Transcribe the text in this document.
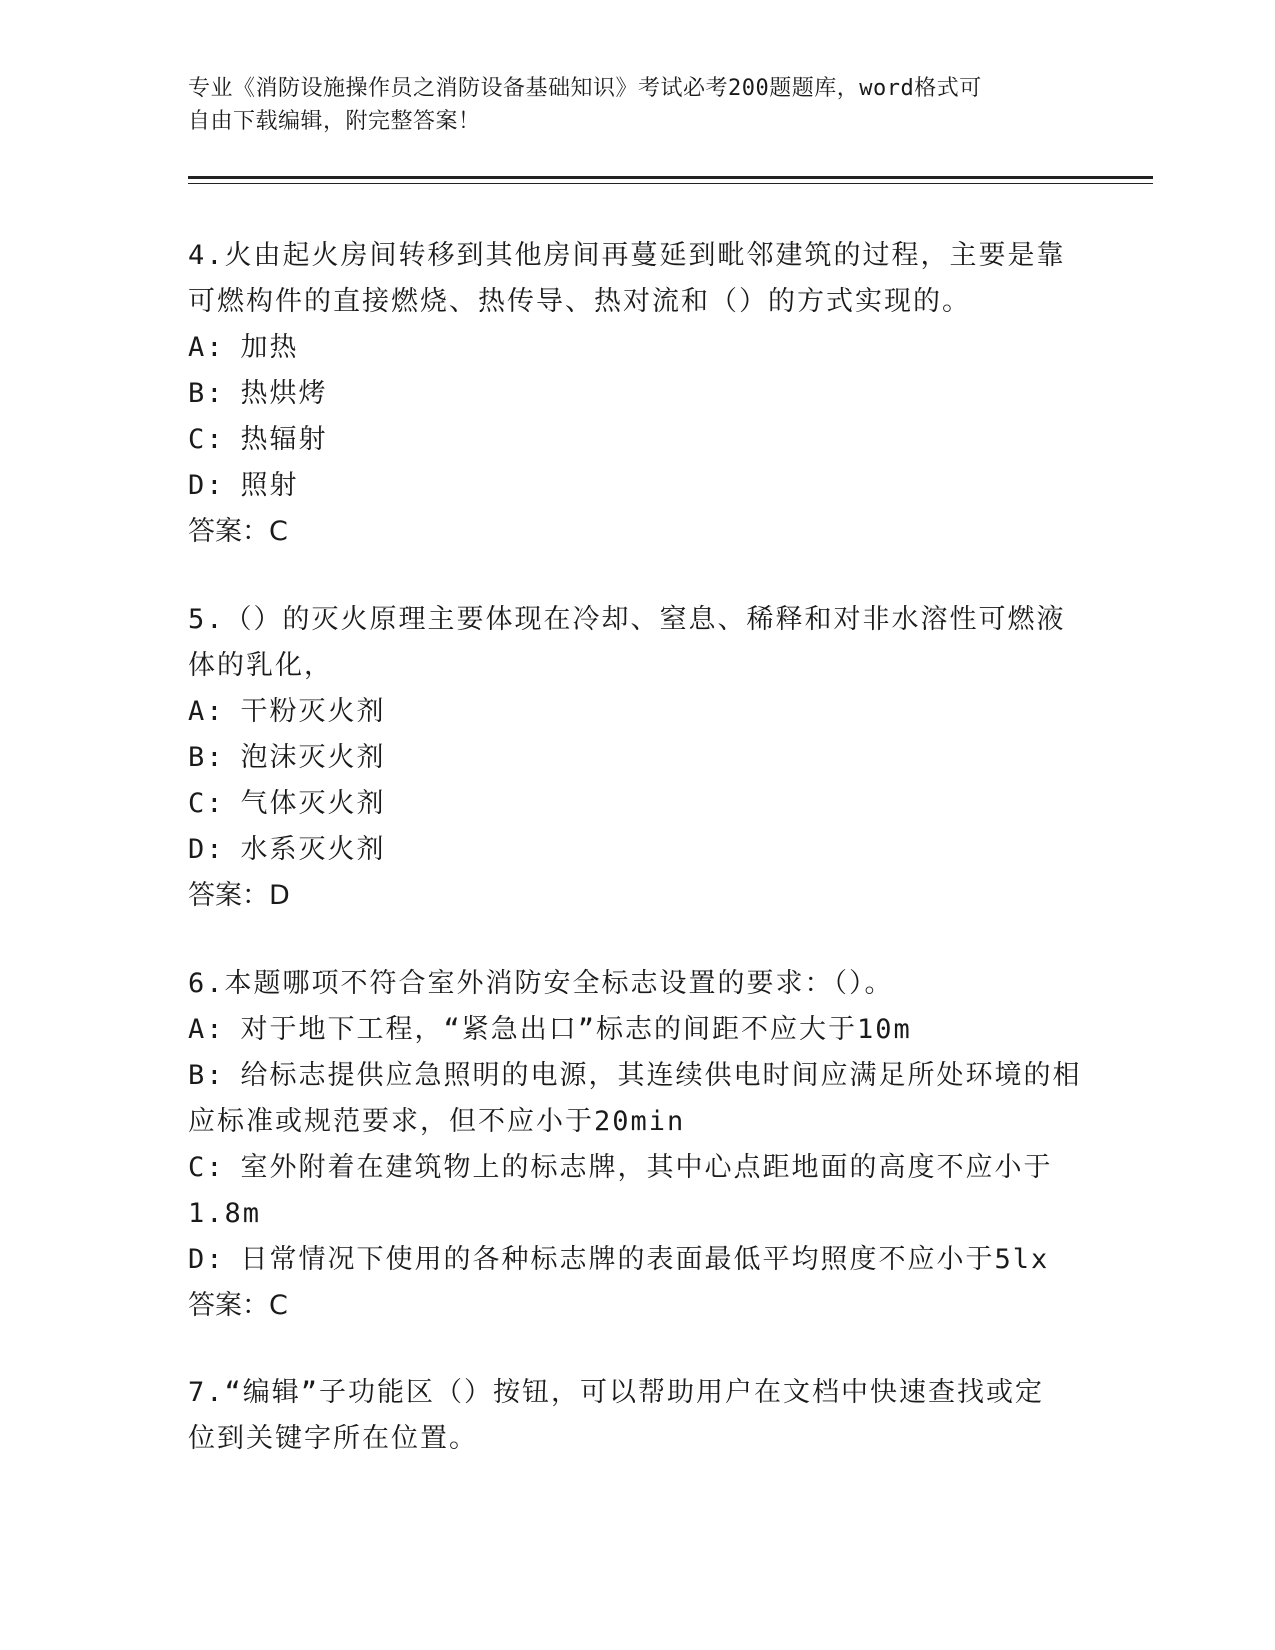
专业《消防设施操作员之消防设备基础知识》考试必考200题题库，word格式可

自由下载编辑，附完整答案！

4.火由起火房间转移到其他房间再蔓延到毗邻建筑的过程，主要是靠

可燃构件的直接燃烧、热传导、热对流和（）的方式实现的。

A: 加热

B: 热烘烤

C: 热辐射

D: 照射

答案：C

5.（）的灭火原理主要体现在冷却、窒息、稀释和对非水溶性可燃液

体的乳化，

A: 干粉灭火剂

B: 泡沫灭火剂

C: 气体灭火剂

D: 水系灭火剂

答案：D

6.本题哪项不符合室外消防安全标志设置的要求：（）。

A: 对于地下工程，“紧急出口”标志的间距不应大于10m

B: 给标志提供应急照明的电源，其连续供电时间应满足所处环境的相

应标准或规范要求，但不应小于20min

C: 室外附着在建筑物上的标志牌，其中心点距地面的高度不应小于

1.8m

D: 日常情况下使用的各种标志牌的表面最低平均照度不应小于5lx

答案：C

7.“编辑”子功能区（）按钮，可以帮助用户在文档中快速查找或定

位到关键字所在位置。
